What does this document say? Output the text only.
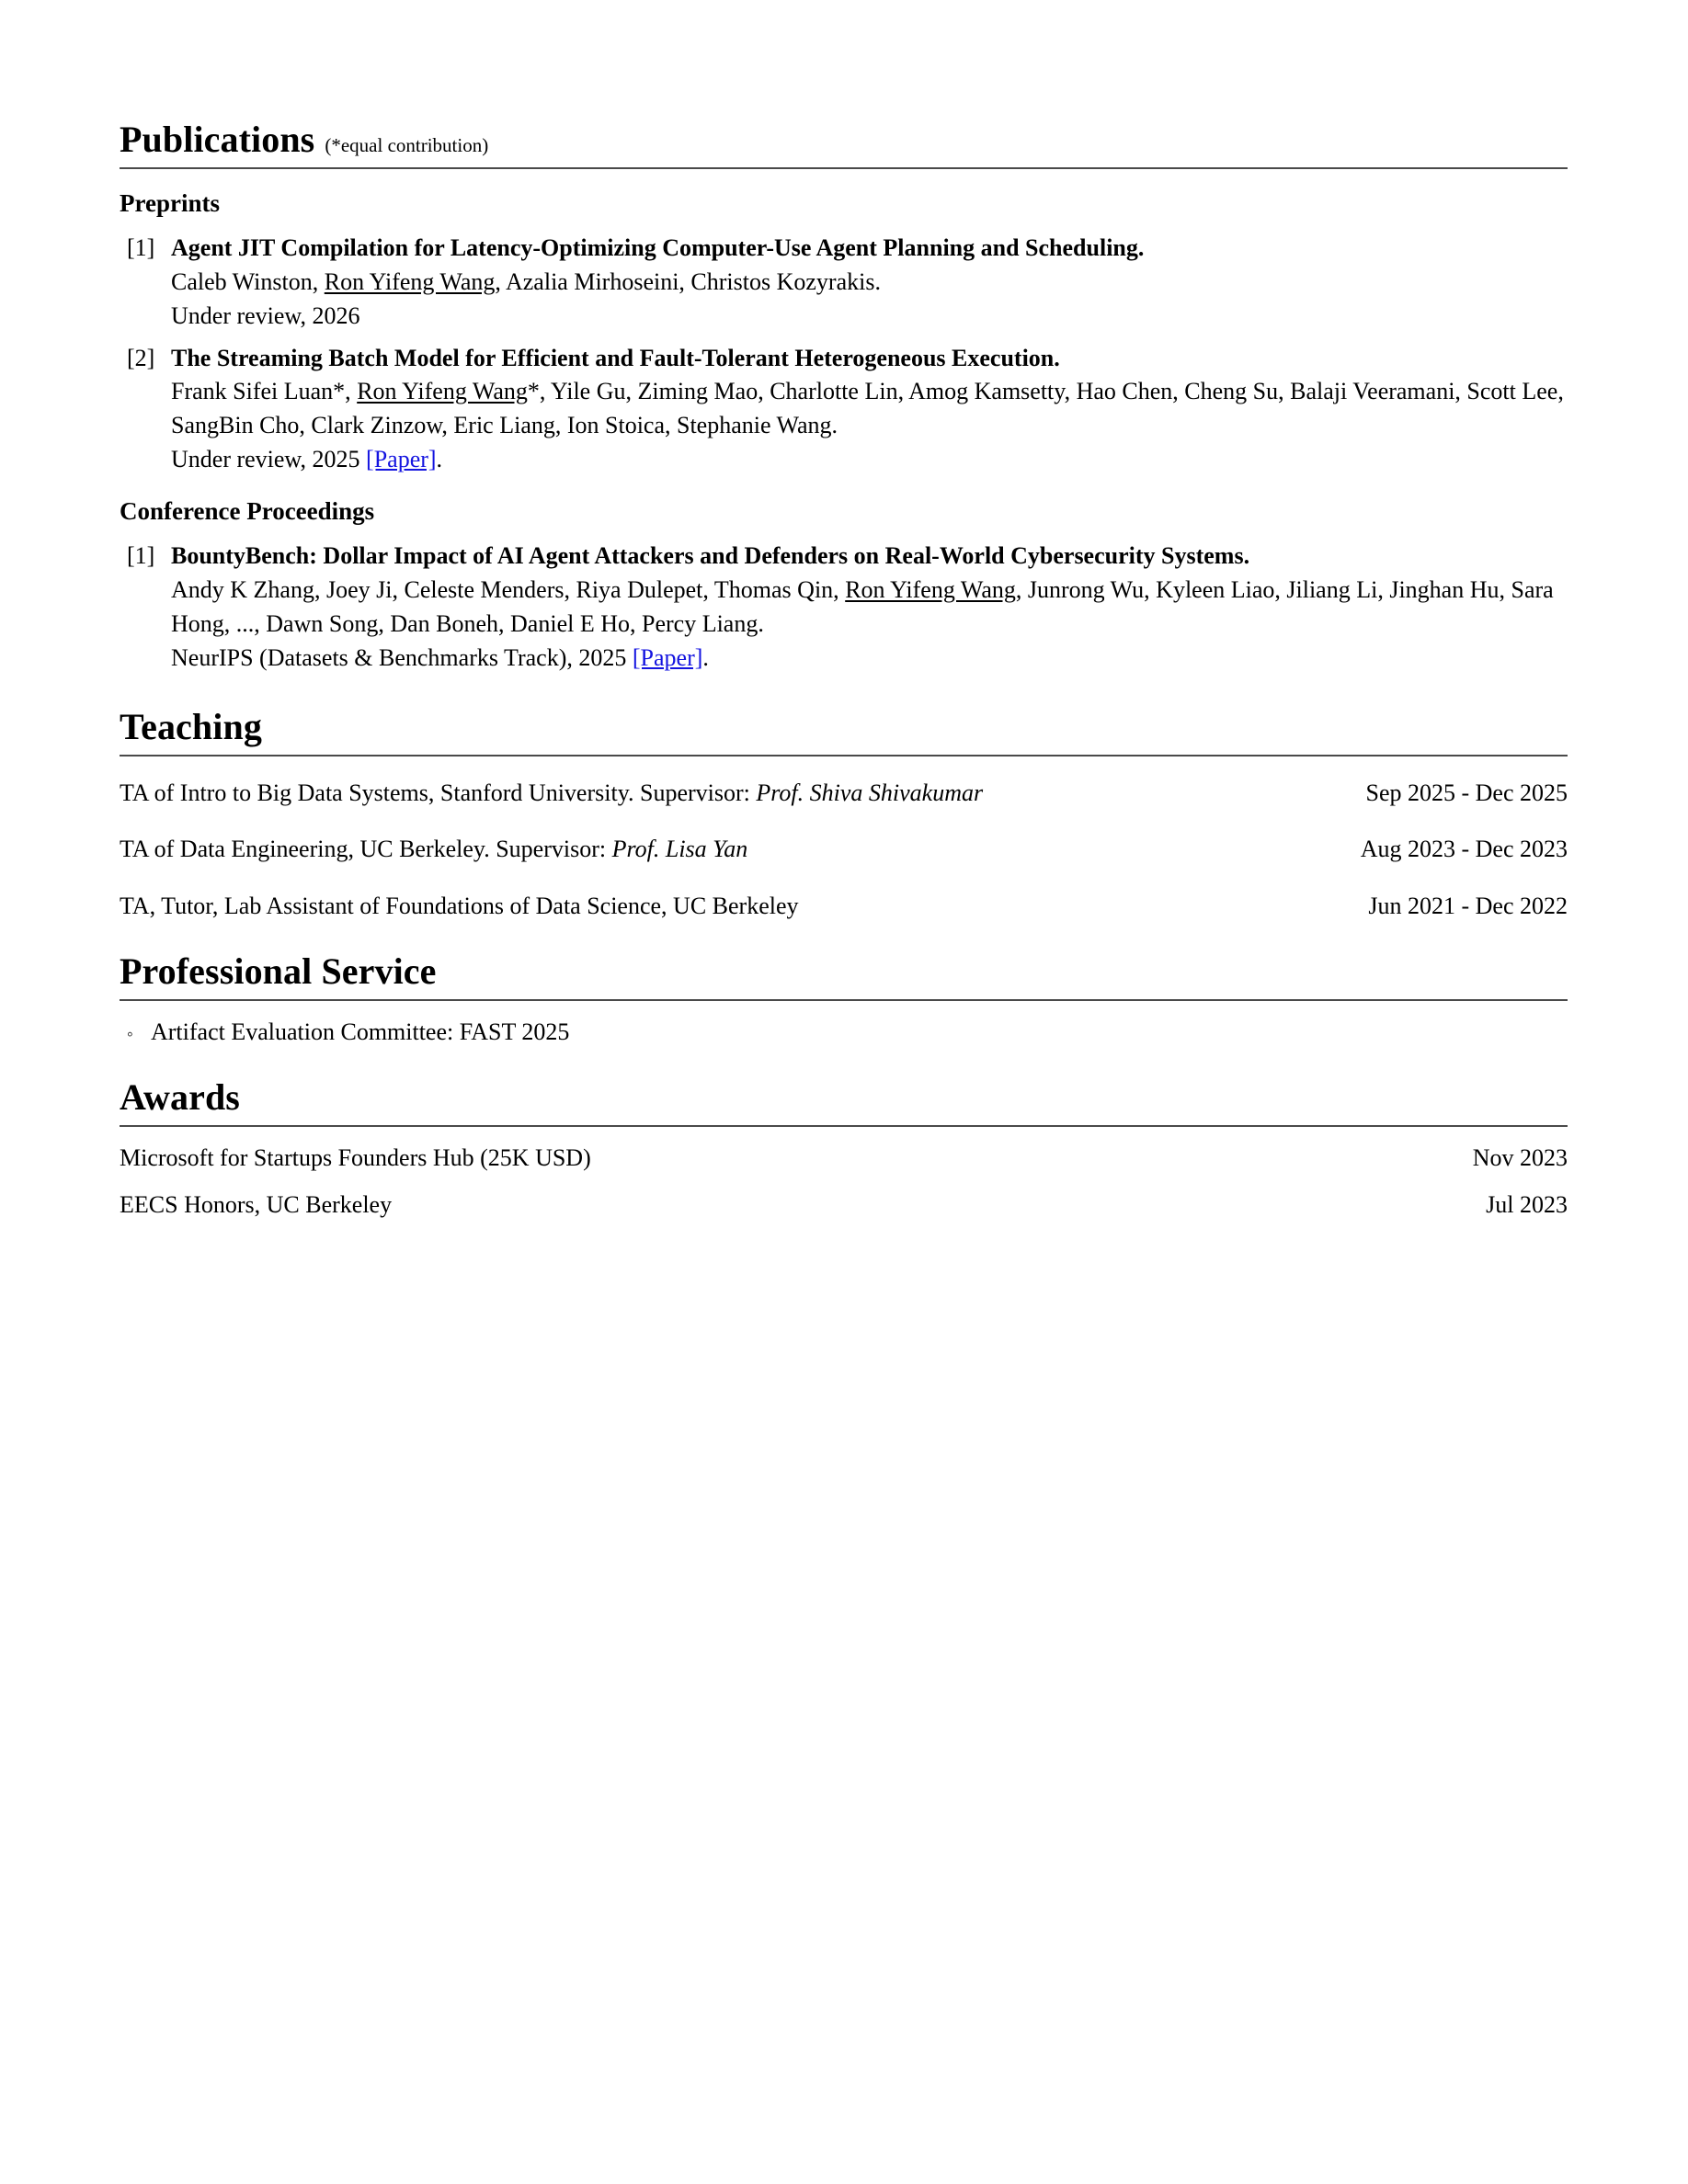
Publications (*equal contribution)
Preprints
[1] Agent JIT Compilation for Latency-Optimizing Computer-Use Agent Planning and Scheduling.
Caleb Winston, Ron Yifeng Wang, Azalia Mirhoseini, Christos Kozyrakis.
Under review, 2026
[2] The Streaming Batch Model for Efficient and Fault-Tolerant Heterogeneous Execution.
Frank Sifei Luan*, Ron Yifeng Wang*, Yile Gu, Ziming Mao, Charlotte Lin, Amog Kamsetty, Hao Chen, Cheng Su, Balaji Veeramani, Scott Lee, SangBin Cho, Clark Zinzow, Eric Liang, Ion Stoica, Stephanie Wang.
Under review, 2025 [Paper].
Conference Proceedings
[1] BountyBench: Dollar Impact of AI Agent Attackers and Defenders on Real-World Cybersecurity Systems.
Andy K Zhang, Joey Ji, Celeste Menders, Riya Dulepet, Thomas Qin, Ron Yifeng Wang, Junrong Wu, Kyleen Liao, Jiliang Li, Jinghan Hu, Sara Hong, ..., Dawn Song, Dan Boneh, Daniel E Ho, Percy Liang.
NeurIPS (Datasets & Benchmarks Track), 2025 [Paper].
Teaching
TA of Intro to Big Data Systems, Stanford University. Supervisor: Prof. Shiva Shivakumar	Sep 2025 - Dec 2025
TA of Data Engineering, UC Berkeley. Supervisor: Prof. Lisa Yan	Aug 2023 - Dec 2023
TA, Tutor, Lab Assistant of Foundations of Data Science, UC Berkeley	Jun 2021 - Dec 2022
Professional Service
◦ Artifact Evaluation Committee: FAST 2025
Awards
Microsoft for Startups Founders Hub (25K USD)	Nov 2023
EECS Honors, UC Berkeley	Jul 2023
